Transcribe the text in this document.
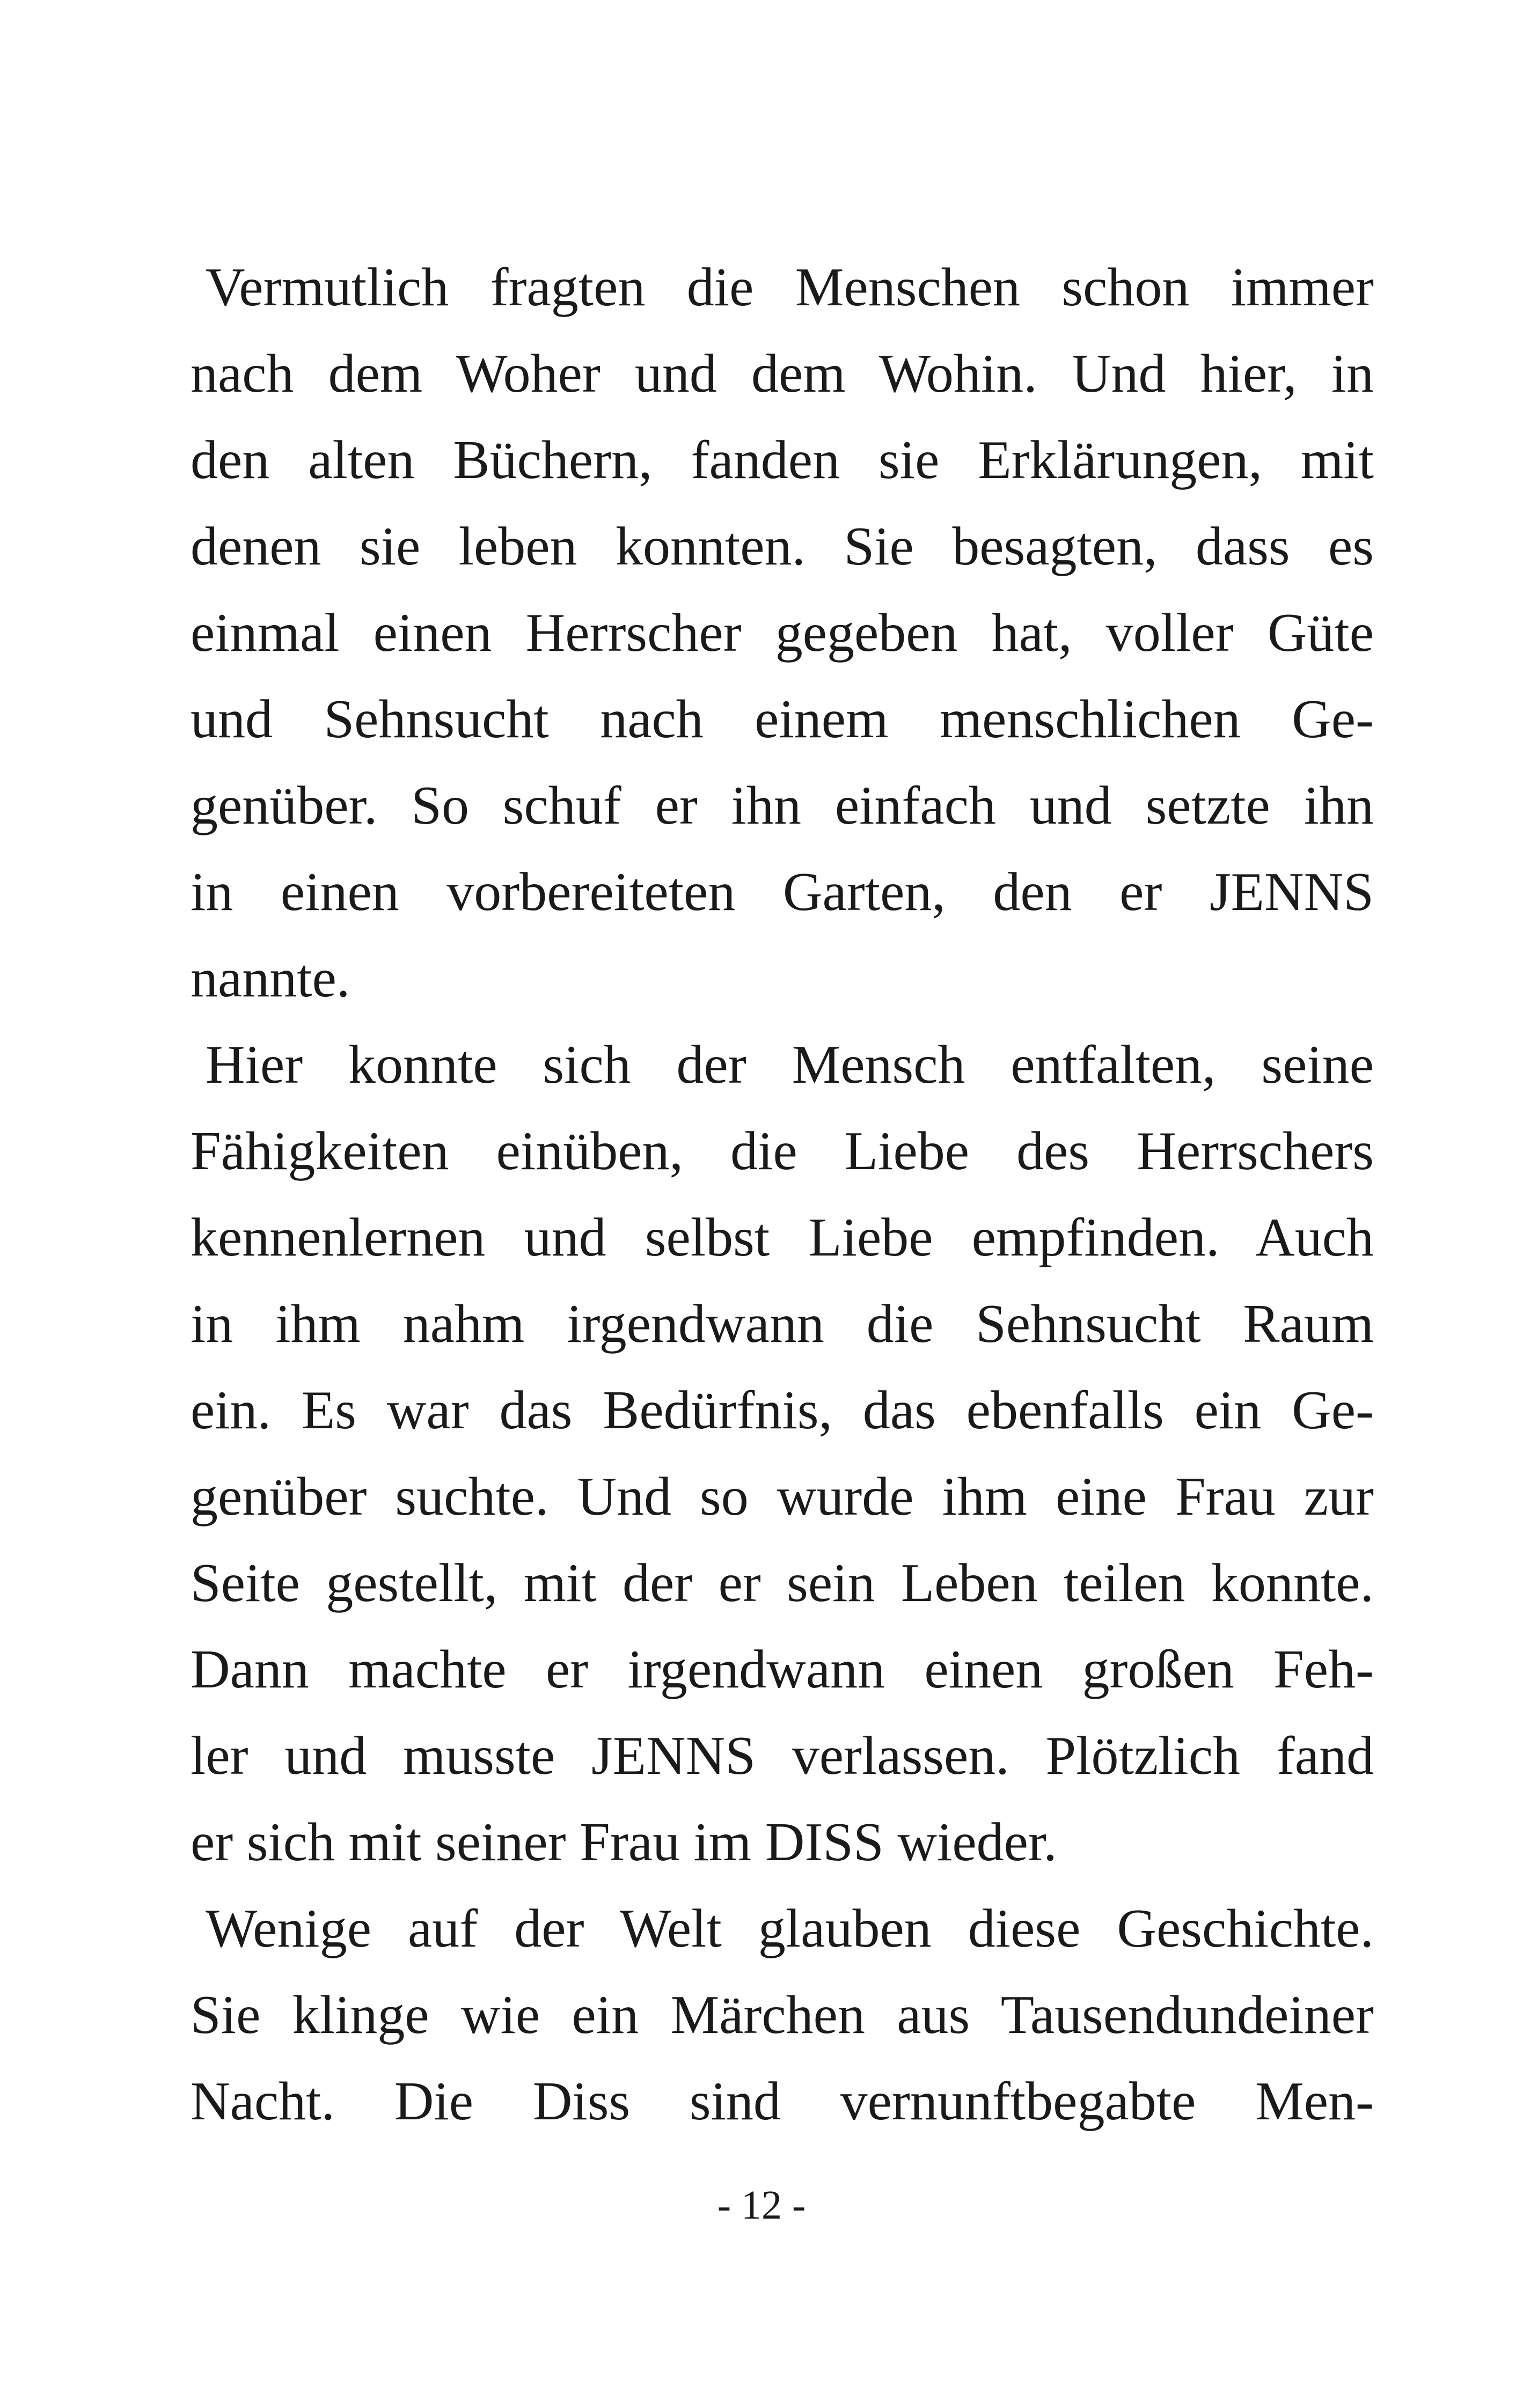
Vermutlich fragten die Menschen schon immer
nach dem Woher und dem Wohin. Und hier, in
den alten Büchern, fanden sie Erklärungen, mit
denen sie leben konnten. Sie besagten, dass es
einmal einen Herrscher gegeben hat, voller Güte
und Sehnsucht nach einem menschlichen Ge-
genüber. So schuf er ihn einfach und setzte ihn
in einen vorbereiteten Garten, den er JENNS
nannte.
Hier konnte sich der Mensch entfalten, seine
Fähigkeiten einüben, die Liebe des Herrschers
kennenlernen und selbst Liebe empfinden. Auch
in ihm nahm irgendwann die Sehnsucht Raum
ein. Es war das Bedürfnis, das ebenfalls ein Ge-
genüber suchte. Und so wurde ihm eine Frau zur
Seite gestellt, mit der er sein Leben teilen konnte.
Dann machte er irgendwann einen großen Feh-
ler und musste JENNS verlassen. Plötzlich fand
er sich mit seiner Frau im DISS wieder.
Wenige auf der Welt glauben diese Geschichte.
Sie klinge wie ein Märchen aus Tausendundeiner
Nacht. Die Diss sind vernunftbegabte Men-
- 12 -
